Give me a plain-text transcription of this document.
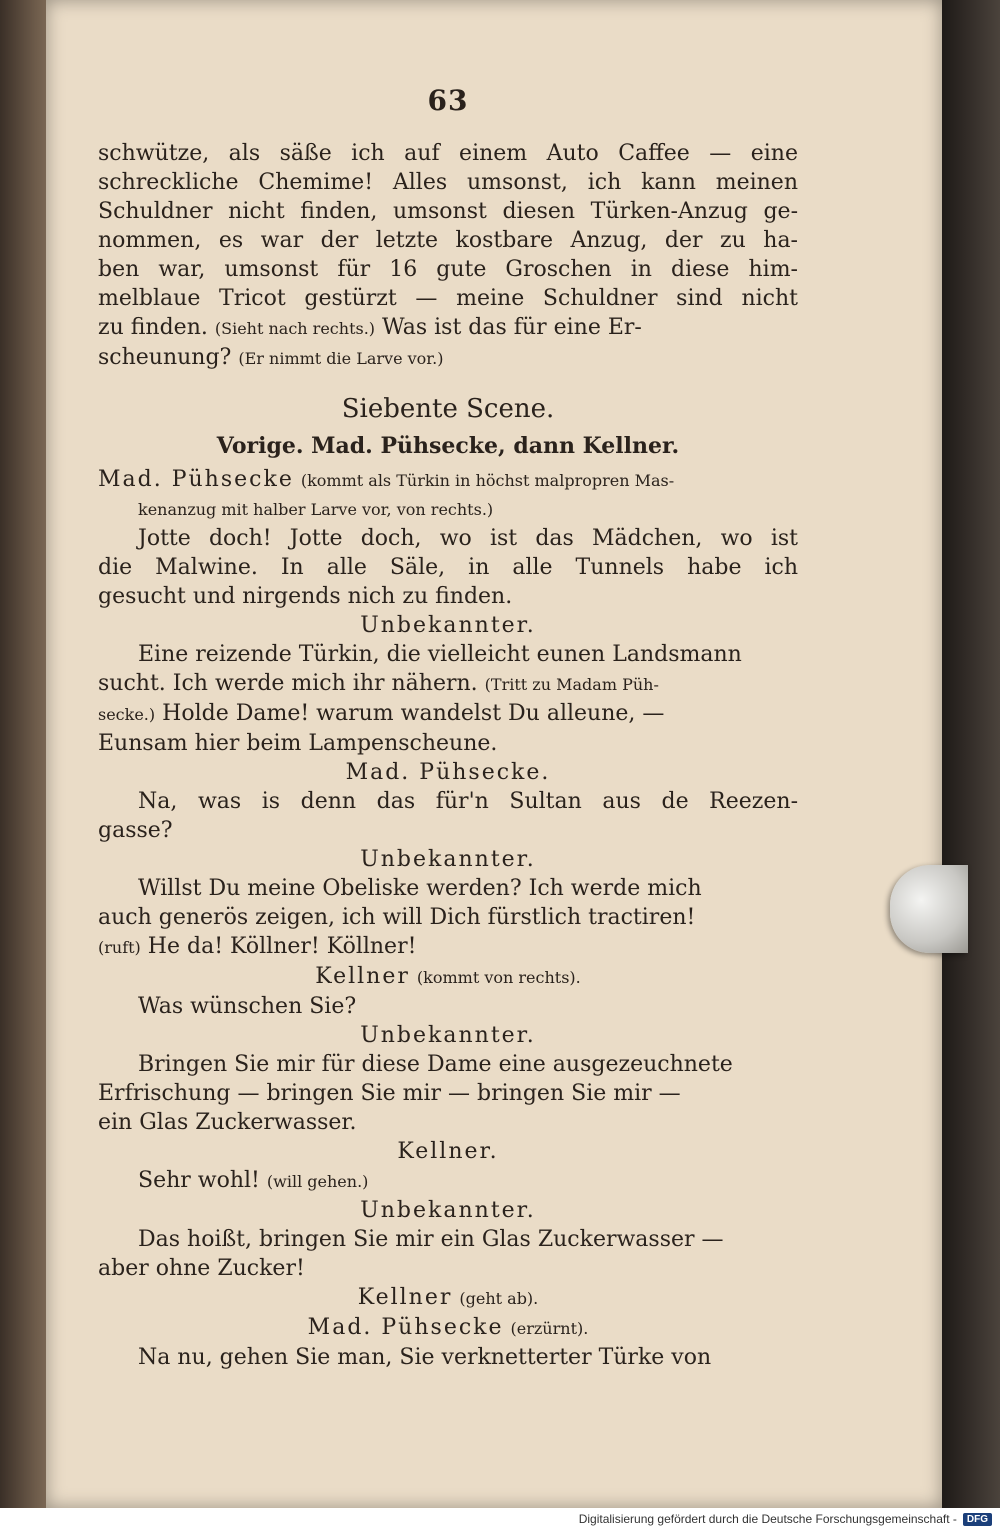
63
schwütze, als säße ich auf einem Auto Caffee — eine
schreckliche Chemime! Alles umsonst, ich kann meinen
Schuldner nicht finden, umsonst diesen Türken-Anzug ge-
nommen, es war der letzte kostbare Anzug, der zu ha-
ben war, umsonst für 16 gute Groschen in diese him-
melblaue Tricot gestürzt — meine Schuldner sind nicht
zu finden. (Sieht nach rechts.) Was ist das für eine Er-
scheunung? (Er nimmt die Larve vor.)
Siebente Scene.
Vorige. Mad. Pühsecke, dann Kellner.
Mad. Pühsecke (kommt als Türkin in höchst malpropren Mas-
kenanzug mit halber Larve vor, von rechts.)
Jotte doch! Jotte doch, wo ist das Mädchen, wo ist
die Malwine. In alle Säle, in alle Tunnels habe ich
gesucht und nirgends nich zu finden.
Unbekannter.
Eine reizende Türkin, die vielleicht eunen Landsmann
sucht. Ich werde mich ihr nähern. (Tritt zu Madam Püh-
secke.) Holde Dame! warum wandelst Du alleune, —
Eunsam hier beim Lampenscheune.
Mad. Pühsecke.
Na, was is denn das für'n Sultan aus de Reezen-
gasse?
Unbekannter.
Willst Du meine Obeliske werden? Ich werde mich
auch generös zeigen, ich will Dich fürstlich tractiren!
(ruft) He da! Köllner! Köllner!
Kellner (kommt von rechts).
Was wünschen Sie?
Unbekannter.
Bringen Sie mir für diese Dame eine ausgezeuchnete
Erfrischung — bringen Sie mir — bringen Sie mir —
ein Glas Zuckerwasser.
Kellner.
Sehr wohl! (will gehen.)
Unbekannter.
Das hoißt, bringen Sie mir ein Glas Zuckerwasser —
aber ohne Zucker!
Kellner (geht ab).
Mad. Pühsecke (erzürnt).
Na nu, gehen Sie man, Sie verknetterter Türke von
Digitalisierung gefördert durch die Deutsche Forschungsgemeinschaft -	DFG
